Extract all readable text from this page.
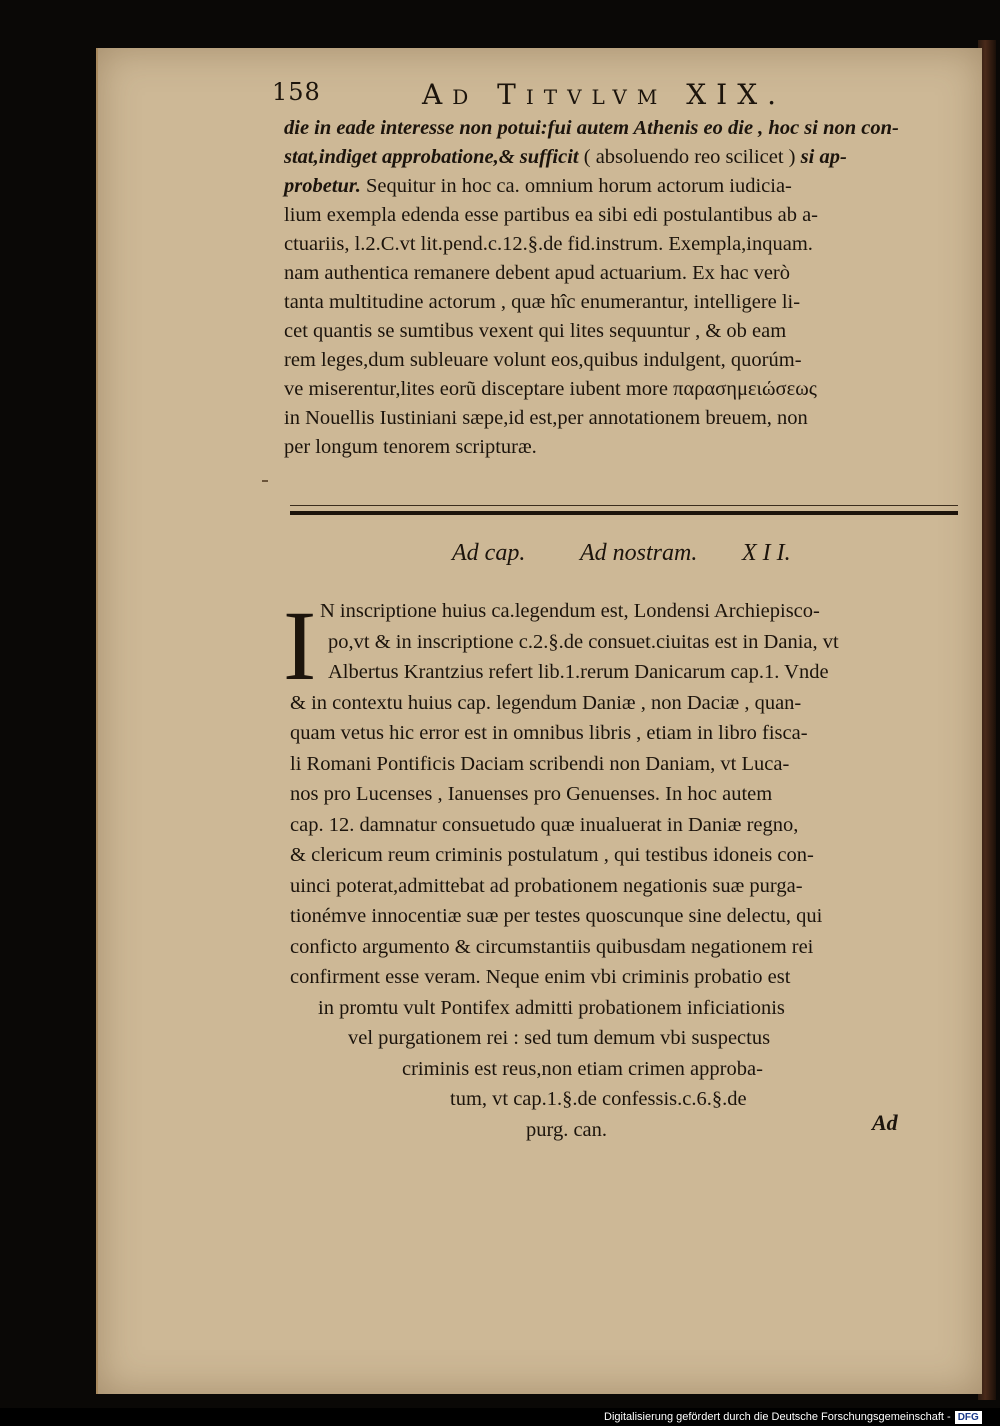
158	Ad Titvlvm XIX.
die in eade interesse non potui:fui autem Athenis eo die , hoc si non con-
stat,indiget approbatione,& sufficit ( absoluendo reo scilicet ) si ap-
probetur. Sequitur in hoc ca. omnium horum actorum iudicia-
lium exempla edenda esse partibus ea sibi edi postulantibus ab a-
ctuariis, l.2.C.vt lit.pend.c.12.§.de fid.instrum. Exempla,inquam.
nam authentica remanere debent apud actuarium. Ex hac verò
tanta multitudine actorum , quæ hîc enumerantur, intelligere li-
cet quantis se sumtibus vexent qui lites sequuntur , & ob eam
rem leges,dum subleuare volunt eos,quibus indulgent, quorúm-
ve miserentur,lites eorũ disceptare iubent more παρασημειώσεως
in Nouellis Iustiniani sæpe,id est,per annotationem breuem, non
per longum tenorem scripturæ.
Ad cap. Ad nostram. X I I.
I N inscriptione huius ca.legendum est, Londensi Archiepisco-
po,vt & in inscriptione c.2.§.de consuet.ciuitas est in Dania, vt
Albertus Krantzius refert lib.1.rerum Danicarum cap.1. Vnde
& in contextu huius cap. legendum Daniæ , non Daciæ , quan-
quam vetus hic error est in omnibus libris , etiam in libro fisca-
li Romani Pontificis Daciam scribendi non Daniam, vt Luca-
nos pro Lucenses , Ianuenses pro Genuenses. In hoc autem
cap. 12. damnatur consuetudo quæ inualuerat in Daniæ regno,
& clericum reum criminis postulatum , qui testibus idoneis con-
uinci poterat,admittebat ad probationem negationis suæ purga-
tionémve innocentiæ suæ per testes quoscunque sine delectu, qui
conficto argumento & circumstantiis quibusdam negationem rei
confirment esse veram. Neque enim vbi criminis probatio est
in promtu vult Pontifex admitti probationem inficiationis
vel purgationem rei : sed tum demum vbi suspectus
criminis est reus,non etiam crimen approba-
tum, vt cap.1.§.de confessis.c.6.§.de
purg. can.	Ad
Digitalisierung gefördert durch die Deutsche Forschungsgemeinschaft - DFG
